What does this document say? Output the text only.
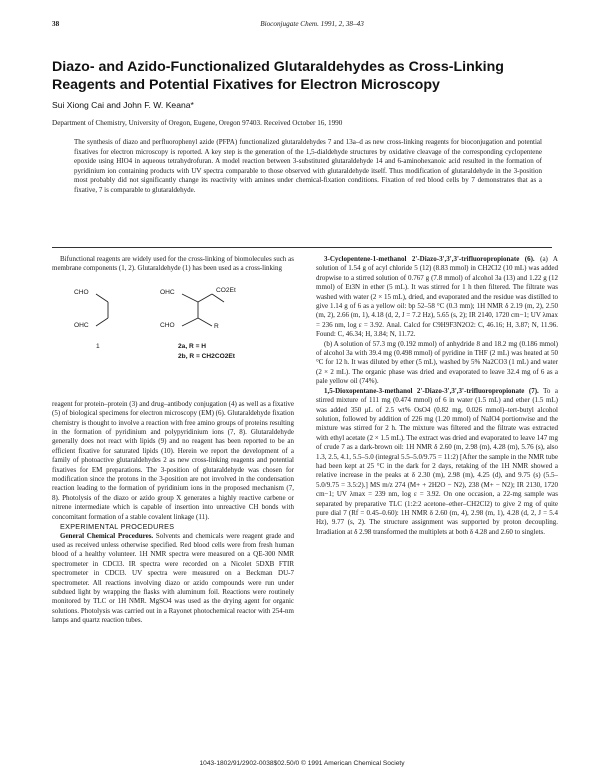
38	Bioconjugate Chem. 1991, 2, 38–43
Diazo- and Azido-Functionalized Glutaraldehydes as Cross-Linking Reagents and Potential Fixatives for Electron Microscopy
Sui Xiong Cai and John F. W. Keana*
Department of Chemistry, University of Oregon, Eugene, Oregon 97403. Received October 16, 1990
The synthesis of diazo and perfluorophenyl azide (PFPA) functionalized glutaraldehydes 7 and 13a–d as new cross-linking reagents for bioconjugation and potential fixatives for electron microscopy is reported. A key step is the generation of the 1,5-dialdehyde structures by oxidative cleavage of the corresponding cyclopentene epoxide using HIO4 in aqueous tetrahydrofuran. A model reaction between 3-substituted glutaraldehyde 14 and 6-aminohexanoic acid resulted in the formation of pyridinium ion containing products with UV spectra comparable to those observed with glutaraldehyde itself. Thus modification of glutaraldehyde in the 3-position most probably did not significantly change its reactivity with amines under chemical-fixation conditions. Fixation of red blood cells by 7 demonstrates that as a fixative, 7 is comparable to glutaraldehyde.

Bifunctional reagents are widely used for the cross-linking of biomolecules such as membrane components (1, 2). Glutaraldehyde (1) has been used as a cross-linking

CHO
OHC
OHC
CHO
CO2Et
R
1	2a, R = H
2b, R = CH2CO2Et

reagent for protein–protein (3) and drug–antibody conjugation (4) as well as a fixative (5) of biological specimens for electron microscopy (EM) (6). Glutaraldehyde fixation chemistry is thought to involve a reaction with free amino groups of proteins resulting in the formation of pyridinium and polypyridinium ions (7, 8). Glutaraldehyde generally does not react with lipids (9) and no reagent has been reported to be an efficient fixative for saturated lipids (10). Herein we report the development of a family of photoactive glutaraldehydes 2 as new cross-linking reagents and potential fixatives for EM preparations. The 3-position of glutaraldehyde was chosen for modification since the protons in the 3-position are not involved in the condensation reaction leading to the formation of pyridinium ions in the proposed mechanism (7, 8). Photolysis of the diazo or azido group X generates a highly reactive carbene or nitrene intermediate which is capable of insertion into unreactive CH bonds with concomitant formation of a stable covalent linkage (11).

EXPERIMENTAL PROCEDURES

General Chemical Procedures. Solvents and chemicals were reagent grade and used as received unless otherwise specified. Red blood cells were from fresh human blood of a healthy volunteer. 1H NMR spectra were measured on a QE-300 NMR spectrometer in CDCl3. IR spectra were recorded on a Nicolet 5DXB FTIR spectrometer in CDCl3. UV spectra were measured on a Beckman DU-7 spectrometer. All reactions involving diazo or azido compounds were run under subdued light by wrapping the flasks with aluminum foil. Reactions were routinely monitored by TLC or 1H NMR. MgSO4 was used as the drying agent for organic solutions. Photolysis was carried out in a Rayonet photochemical reactor with 254-nm lamps and quartz reaction tubes.

3-Cyclopentene-1-methanol 2'-Diazo-3',3',3'-trifluoropropionate (6). (a) A solution of 1.54 g of acyl chloride 5 (12) (8.83 mmol) in CH2Cl2 (10 mL) was added dropwise to a stirred solution of 0.767 g (7.8 mmol) of alcohol 3a (13) and 1.22 g (12 mmol) of Et3N in ether (5 mL). It was stirred for 1 h then filtered. The filtrate was washed with water (2 × 15 mL), dried, and evaporated and the residue was distilled to give 1.14 g of 6 as a yellow oil: bp 52–58 °C (0.3 mm); 1H NMR δ 2.19 (m, 2), 2.50 (m, 2), 2.66 (m, 1), 4.18 (d, 2, J = 7.2 Hz), 5.65 (s, 2); IR 2140, 1720 cm−1; UV λmax = 236 nm, log ε = 3.92. Anal. Calcd for C9H9F3N2O2: C, 46.16; H, 3.87; N, 11.96. Found: C, 46.34; H, 3.84; N, 11.72.

(b) A solution of 57.3 mg (0.192 mmol) of anhydride 8 and 18.2 mg (0.186 mmol) of alcohol 3a with 39.4 mg (0.498 mmol) of pyridine in THF (2 mL) was heated at 50 °C for 12 h. It was diluted by ether (5 mL), washed by 5% Na2CO3 (1 mL) and water (2 × 2 mL). The organic phase was dried and evaporated to leave 32.4 mg of 6 as a pale yellow oil (74%).

1,5-Dioxopentane-3-methanol 2'-Diazo-3',3',3'-trifluoropropionate (7). To a stirred mixture of 111 mg (0.474 mmol) of 6 in water (1.5 mL) and ether (1.5 mL) was added 350 μL of 2.5 wt% OsO4 (0.82 mg, 0.026 mmol)–tert-butyl alcohol solution, followed by addition of 226 mg (1.20 mmol) of NaIO4 portionwise and the mixture was stirred for 2 h. The mixture was filtered and the filtrate was extracted with ethyl acetate (2 × 1.5 mL). The extract was dried and evaporated to leave 147 mg of crude 7 as a dark-brown oil: 1H NMR δ 2.60 (m, 2.98 (m), 4.28 (m), 5.76 (s), also 1.3, 2.5, 4.1, 5.5–5.0 (integral 5.5–5.0/9.75 = 11:2) [After the sample in the NMR tube had been kept at 25 °C in the dark for 2 days, retaking of the 1H NMR showed a relative increase in the peaks at δ 2.30 (m), 2.98 (m), 4.25 (d), and 9.75 (s) (5.5–5.0/9.75 = 3.5:2).] MS m/z 274 (M+ + 2H2O − N2), 238 (M+ − N2); IR 2130, 1720 cm−1; UV λmax = 239 nm, log ε = 3.92. On one occasion, a 22-mg sample was separated by preparative TLC (1:2:2 acetone–ether–CH2Cl2) to give 2 mg of quite pure dial 7 (Rf = 0.45–0.60): 1H NMR δ 2.60 (m, 4), 2.98 (m, 1), 4.28 (d, 2, J = 5.4 Hz), 9.77 (s, 2). The structure assignment was supported by proton decoupling. Irradiation at δ 2.98 transformed the multiplets at both δ 4.28 and 2.60 to singlets.

1043-1802/91/2902-0038$02.50/0 © 1991 American Chemical Society
